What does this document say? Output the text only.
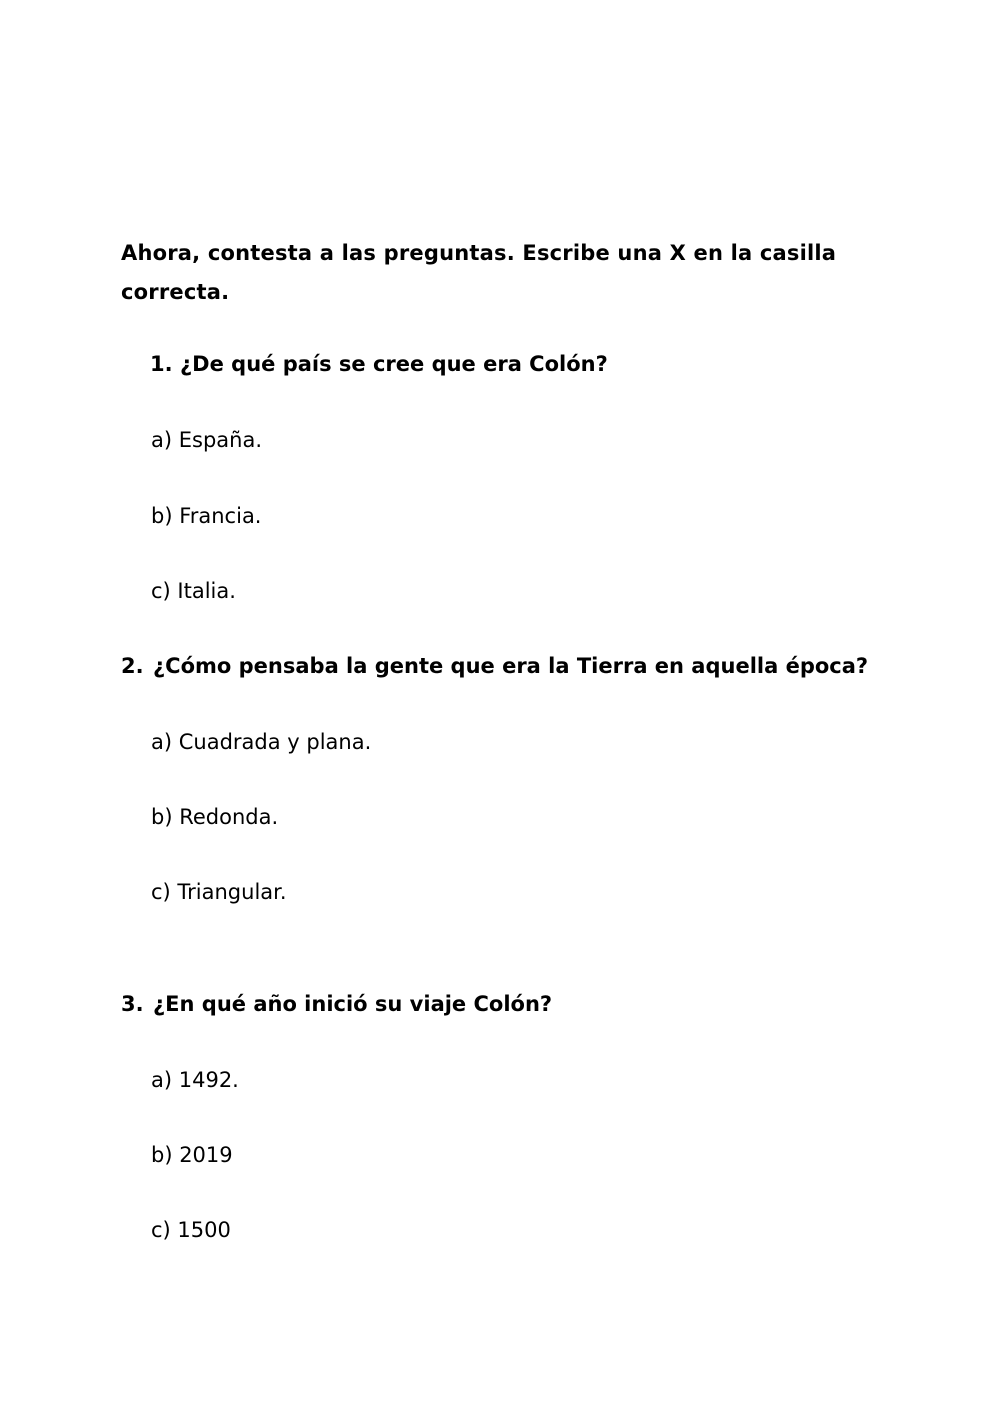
Ahora, contesta a las preguntas. Escribe una X en la casilla correcta.
1. ¿De qué país se cree que era Colón?
a) España.
b) Francia.
c) Italia.
2. ¿Cómo pensaba la gente que era la Tierra en aquella época?
a) Cuadrada y plana.
b) Redonda.
c) Triangular.
3. ¿En qué año inició su viaje Colón?
a) 1492.
b) 2019
c) 1500
